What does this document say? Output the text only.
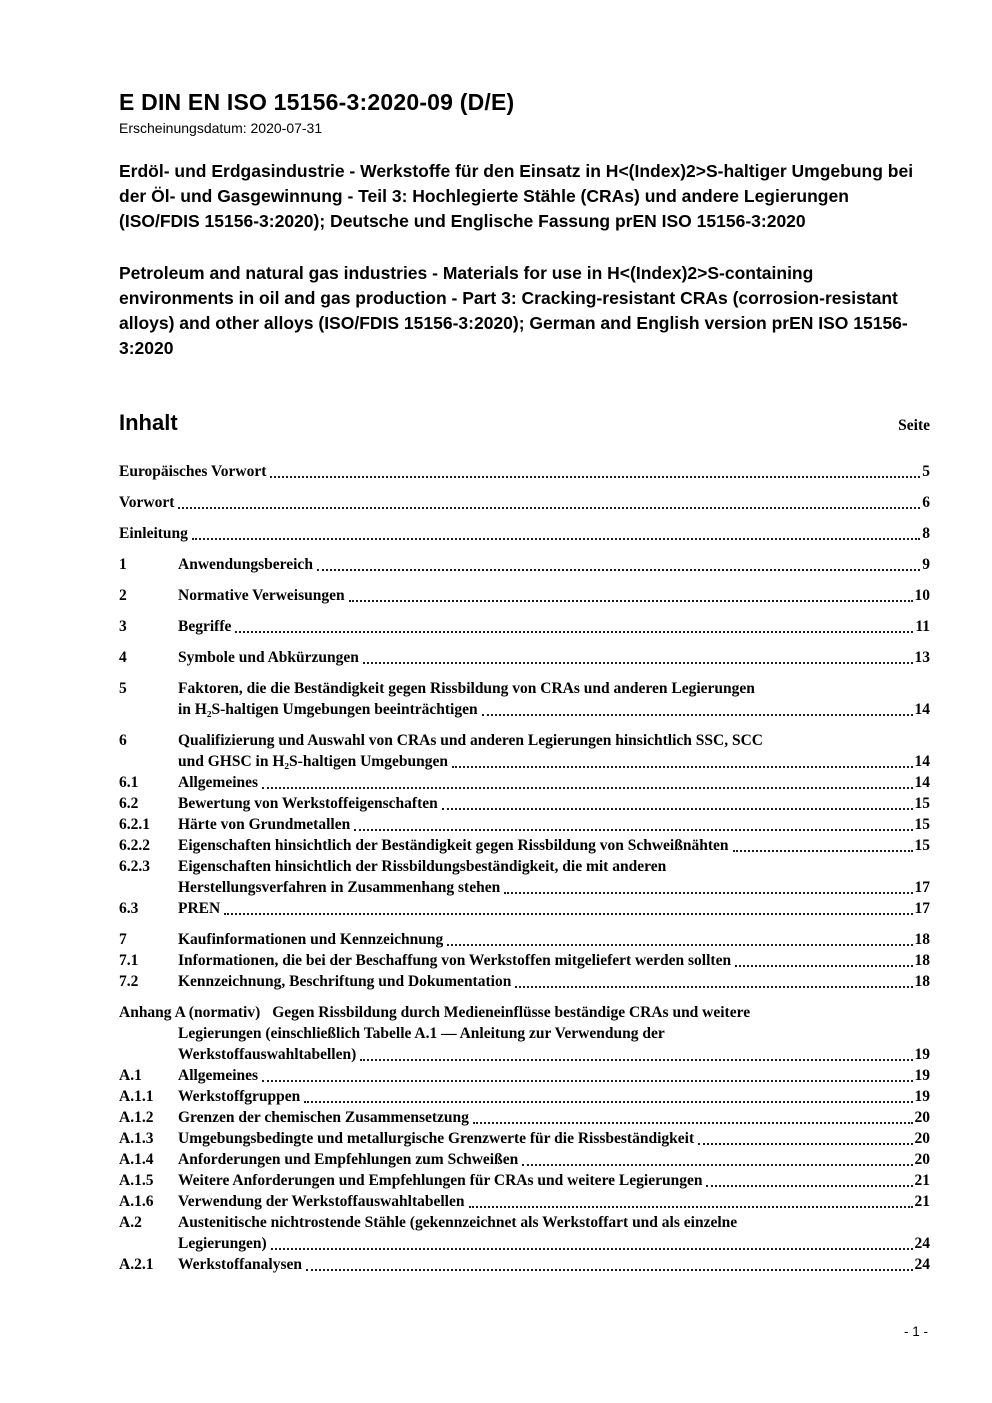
E DIN EN ISO 15156-3:2020-09 (D/E)
Erscheinungsdatum: 2020-07-31
Erdöl- und Erdgasindustrie - Werkstoffe für den Einsatz in H<(Index)2>S-haltiger Umgebung bei der Öl- und Gasgewinnung - Teil 3: Hochlegierte Stähle (CRAs) und andere Legierungen (ISO/FDIS 15156-3:2020); Deutsche und Englische Fassung prEN ISO 15156-3:2020
Petroleum and natural gas industries - Materials for use in H<(Index)2>S-containing environments in oil and gas production - Part 3: Cracking-resistant CRAs (corrosion-resistant alloys) and other alloys (ISO/FDIS 15156-3:2020); German and English version prEN ISO 15156-3:2020
Inhalt	Seite
Europäisches Vorwort	5
Vorwort	6
Einleitung	8
1	Anwendungsbereich	9
2	Normative Verweisungen	10
3	Begriffe	11
4	Symbole und Abkürzungen	13
5	Faktoren, die die Beständigkeit gegen Rissbildung von CRAs und anderen Legierungen
in H₂S-haltigen Umgebungen beeinträchtigen	14
6	Qualifizierung und Auswahl von CRAs und anderen Legierungen hinsichtlich SSC, SCC
und GHSC in H₂S-haltigen Umgebungen	14
6.1	Allgemeines	14
6.2	Bewertung von Werkstoffeigenschaften	15
6.2.1	Härte von Grundmetallen	15
6.2.2	Eigenschaften hinsichtlich der Beständigkeit gegen Rissbildung von Schweißnähten	15
6.2.3	Eigenschaften hinsichtlich der Rissbildungsbeständigkeit, die mit anderen
Herstellungsverfahren in Zusammenhang stehen	17
6.3	PREN	17
7	Kaufinformationen und Kennzeichnung	18
7.1	Informationen, die bei der Beschaffung von Werkstoffen mitgeliefert werden sollten	18
7.2	Kennzeichnung, Beschriftung und Dokumentation	18
Anhang A (normativ) Gegen Rissbildung durch Medieneinflüsse beständige CRAs und weitere
Legierungen (einschließlich Tabelle A.1 — Anleitung zur Verwendung der
Werkstoffauswahltabellen)	19
A.1	Allgemeines	19
A.1.1	Werkstoffgruppen	19
A.1.2	Grenzen der chemischen Zusammensetzung	20
A.1.3	Umgebungsbedingte und metallurgische Grenzwerte für die Rissbeständigkeit	20
A.1.4	Anforderungen und Empfehlungen zum Schweißen	20
A.1.5	Weitere Anforderungen und Empfehlungen für CRAs und weitere Legierungen	21
A.1.6	Verwendung der Werkstoffauswahltabellen	21
A.2	Austenitische nichtrostende Stähle (gekennzeichnet als Werkstoffart und als einzelne
Legierungen)	24
A.2.1	Werkstoffanalysen	24
- 1 -
